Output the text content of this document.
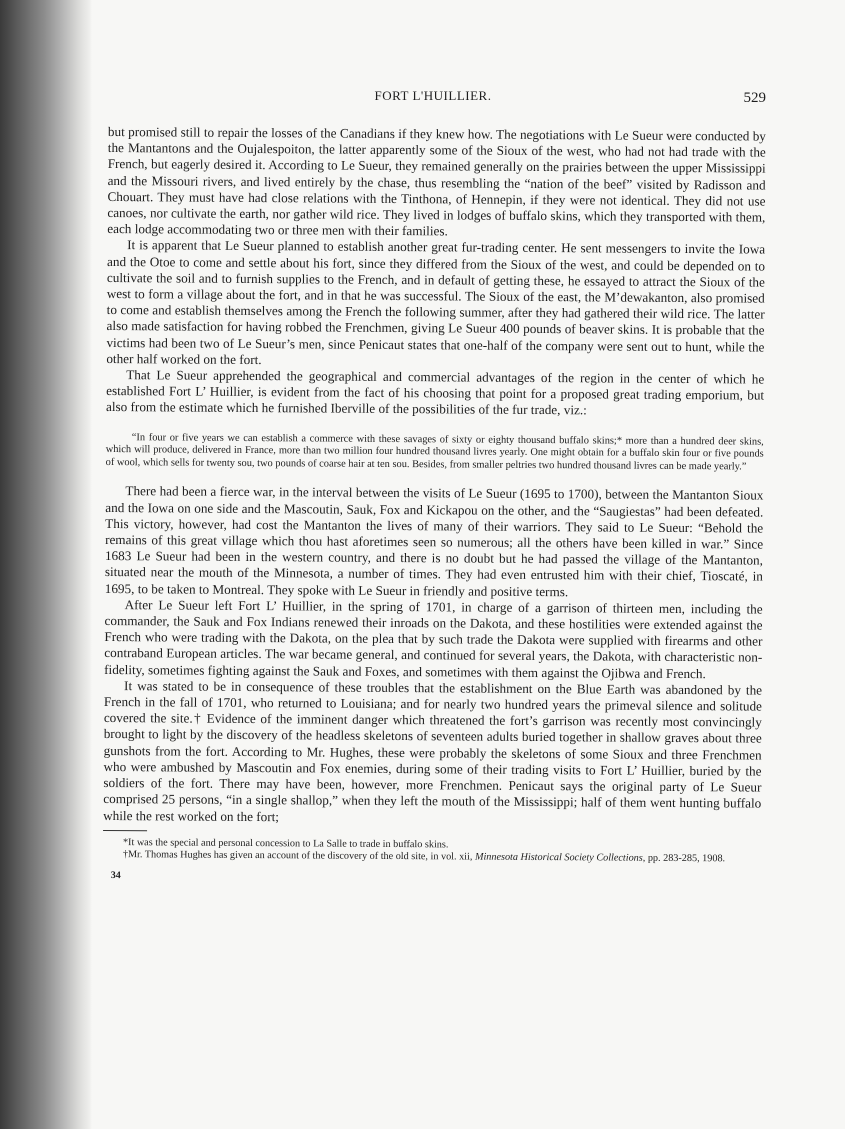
FORT L'HUILLIER.	529

but promised still to repair the losses of the Canadians if they knew how. The negotiations with Le Sueur were conducted by the Mantantons and the Oujalespoiton, the latter apparently some of the Sioux of the west, who had not had trade with the French, but eagerly desired it. According to Le Sueur, they remained generally on the prairies between the upper Mississippi and the Missouri rivers, and lived entirely by the chase, thus resembling the “nation of the beef” visited by Radisson and Chouart. They must have had close relations with the Tinthona, of Hennepin, if they were not identical. They did not use canoes, nor cultivate the earth, nor gather wild rice. They lived in lodges of buffalo skins, which they transported with them, each lodge accommodating two or three men with their families.

It is apparent that Le Sueur planned to establish another great fur-trading center. He sent messengers to invite the Iowa and the Otoe to come and settle about his fort, since they differed from the Sioux of the west, and could be depended on to cultivate the soil and to furnish supplies to the French, and in default of getting these, he essayed to attract the Sioux of the west to form a village about the fort, and in that he was successful. The Sioux of the east, the M’dewakanton, also promised to come and establish themselves among the French the following summer, after they had gathered their wild rice. The latter also made satisfaction for having robbed the Frenchmen, giving Le Sueur 400 pounds of beaver skins. It is probable that the victims had been two of Le Sueur’s men, since Penicaut states that one-half of the company were sent out to hunt, while the other half worked on the fort.

That Le Sueur apprehended the geographical and commercial advantages of the region in the center of which he established Fort L’ Huillier, is evident from the fact of his choosing that point for a proposed great trading emporium, but also from the estimate which he furnished Iberville of the possibilities of the fur trade, viz.:

“In four or five years we can establish a commerce with these savages of sixty or eighty thousand buffalo skins;* more than a hundred deer skins, which will produce, delivered in France, more than two million four hundred thousand livres yearly. One might obtain for a buffalo skin four or five pounds of wool, which sells for twenty sou, two pounds of coarse hair at ten sou. Besides, from smaller peltries two hundred thousand livres can be made yearly.”

There had been a fierce war, in the interval between the visits of Le Sueur (1695 to 1700), between the Mantanton Sioux and the Iowa on one side and the Mascoutin, Sauk, Fox and Kickapou on the other, and the “Saugiestas” had been defeated. This victory, however, had cost the Mantanton the lives of many of their warriors. They said to Le Sueur: “Behold the remains of this great village which thou hast aforetimes seen so numerous; all the others have been killed in war.” Since 1683 Le Sueur had been in the western country, and there is no doubt but he had passed the village of the Mantanton, situated near the mouth of the Minnesota, a number of times. They had even entrusted him with their chief, Tioscaté, in 1695, to be taken to Montreal. They spoke with Le Sueur in friendly and positive terms.

After Le Sueur left Fort L’ Huillier, in the spring of 1701, in charge of a garrison of thirteen men, including the commander, the Sauk and Fox Indians renewed their inroads on the Dakota, and these hostilities were extended against the French who were trading with the Dakota, on the plea that by such trade the Dakota were supplied with firearms and other contraband European articles. The war became general, and continued for several years, the Dakota, with characteristic non-fidelity, sometimes fighting against the Sauk and Foxes, and sometimes with them against the Ojibwa and French.

It was stated to be in consequence of these troubles that the establishment on the Blue Earth was abandoned by the French in the fall of 1701, who returned to Louisiana; and for nearly two hundred years the primeval silence and solitude covered the site.† Evidence of the imminent danger which threatened the fort’s garrison was recently most convincingly brought to light by the discovery of the headless skeletons of seventeen adults buried together in shallow graves about three gunshots from the fort. According to Mr. Hughes, these were probably the skeletons of some Sioux and three Frenchmen who were ambushed by Mascoutin and Fox enemies, during some of their trading visits to Fort L’ Huillier, buried by the soldiers of the fort. There may have been, however, more Frenchmen. Penicaut says the original party of Le Sueur comprised 25 persons, “in a single shallop,” when they left the mouth of the Mississippi; half of them went hunting buffalo while the rest worked on the fort;

*It was the special and personal concession to La Salle to trade in buffalo skins.

†Mr. Thomas Hughes has given an account of the discovery of the old site, in vol. xii, Minnesota Historical Society Collections, pp. 283-285, 1908.

34
